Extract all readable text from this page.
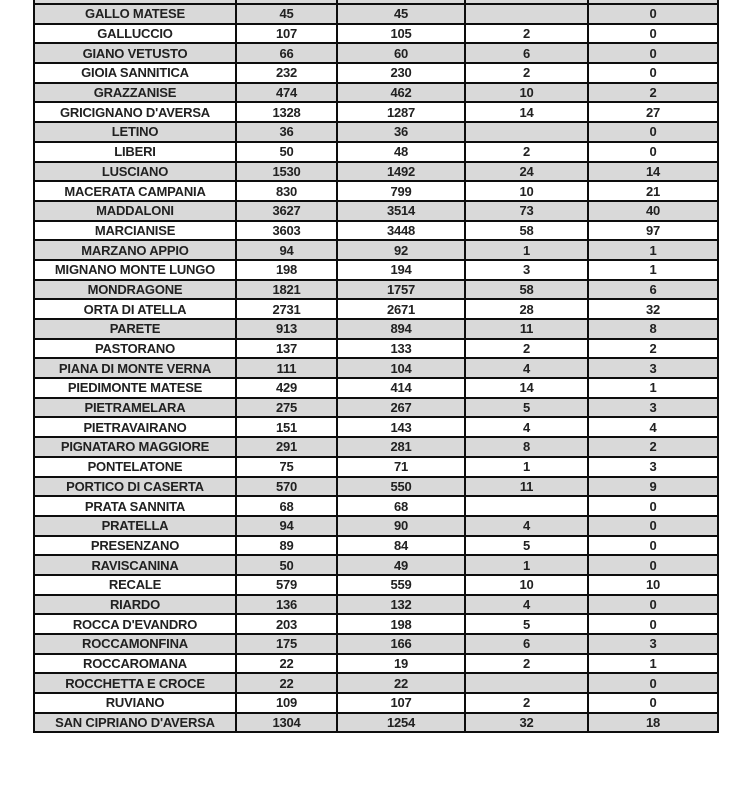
GALLO MATESE	45	45		0
GALLUCCIO	107	105	2	0
GIANO VETUSTO	66	60	6	0
GIOIA SANNITICA	232	230	2	0
GRAZZANISE	474	462	10	2
GRICIGNANO D'AVERSA	1328	1287	14	27
LETINO	36	36		0
LIBERI	50	48	2	0
LUSCIANO	1530	1492	24	14
MACERATA CAMPANIA	830	799	10	21
MADDALONI	3627	3514	73	40
MARCIANISE	3603	3448	58	97
MARZANO APPIO	94	92	1	1
MIGNANO MONTE LUNGO	198	194	3	1
MONDRAGONE	1821	1757	58	6
ORTA DI ATELLA	2731	2671	28	32
PARETE	913	894	11	8
PASTORANO	137	133	2	2
PIANA DI MONTE VERNA	111	104	4	3
PIEDIMONTE MATESE	429	414	14	1
PIETRAMELARA	275	267	5	3
PIETRAVAIRANO	151	143	4	4
PIGNATARO MAGGIORE	291	281	8	2
PONTELATONE	75	71	1	3
PORTICO DI CASERTA	570	550	11	9
PRATA SANNITA	68	68		0
PRATELLA	94	90	4	0
PRESENZANO	89	84	5	0
RAVISCANINA	50	49	1	0
RECALE	579	559	10	10
RIARDO	136	132	4	0
ROCCA D'EVANDRO	203	198	5	0
ROCCAMONFINA	175	166	6	3
ROCCAROMANA	22	19	2	1
ROCCHETTA E CROCE	22	22		0
RUVIANO	109	107	2	0
SAN CIPRIANO D'AVERSA	1304	1254	32	18
